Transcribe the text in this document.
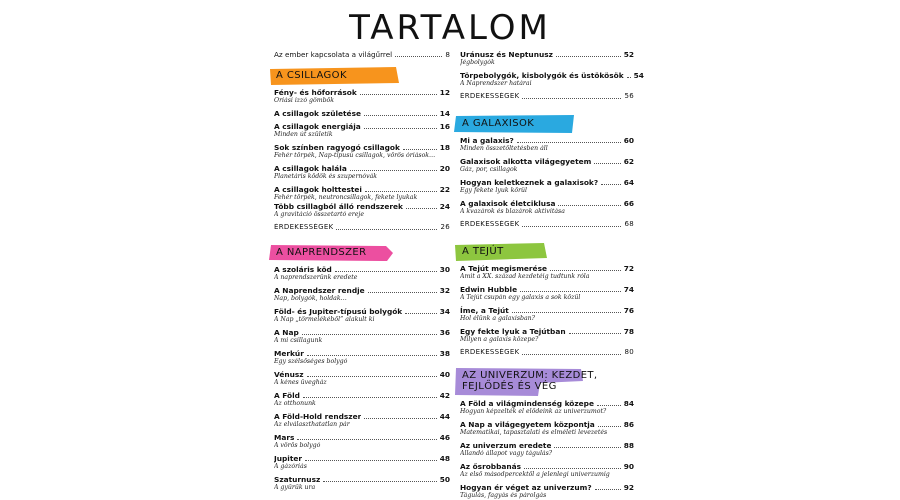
TARTALOM
Az ember kapcsolata a világűrrel	8
A CSILLAGOK
Fény- és hőforrások	12
Óriási izzó gömbök
A csillagok születése	14
A csillagok energiája	16
Minden út születik
Sok színben ragyogó csillagok	18
Fehér törpék, Nap-típusú csillagok, vörös óriások…
A csillagok halála	20
Planetáris ködök és szupernóvák
A csillagok holttestei	22
Fehér törpék, neutroncsillagok, fekete lyukak
Több csillagból álló rendszerek	24
A gravitáció összetartó ereje
ÉRDEKESSÉGEK	26
A NAPRENDSZER
A szoláris köd	30
A naprendszerünk eredete
A Naprendszer rendje	32
Nap, bolygók, holdak…
Föld- és Jupiter-típusú bolygók	34
A Nap „törmelékéből” alakult ki
A Nap	36
A mi csillagunk
Merkúr	38
Egy szélsőséges bolygó
Vénusz	40
A kénes üvegház
A Föld	42
Az otthonunk
A Föld-Hold rendszer	44
Az elválaszthatatlan pár
Mars	46
A vörös bolygó
Jupiter	48
A gázóriás
Szaturnusz	50
A gyűrűk ura
Uránusz és Neptunusz	52
Jégbolygók
Törpebolygók, kisbolygók és üstökösök 54
A Naprendszer határai
ÉRDEKESSÉGEK	56
A GALAXISOK
Mi a galaxis?	60
Minden összetöltetésben áll
Galaxisok alkotta világegyetem	62
Gáz, por, csillagok
Hogyan keletkeznek a galaxisok?	64
Egy fekete lyuk körül
A galaxisok életciklusa	66
A kvazárok és blazárok aktivitása
ÉRDEKESSÉGEK	68
A TEJÚT
A Tejút megismerése	72
Amit a XX. század kezdetéig tudtunk róla
Edwin Hubble	74
A Tejút csupán egy galaxis a sok közül
Íme, a Tejút	76
Hol élünk a galaxisban?
Egy fekte lyuk a Tejútban	78
Milyen a galaxis közepe?
ÉRDEKESSÉGEK	80
AZ UNIVERZUM: KEZDET,
FEJLŐDÉS ÉS VÉG
A Föld a világmindenség közepe	84
Hogyan képzelték el elődeink az univerzumot?
A Nap a világegyetem központja	86
Matematikai, tapasztalati és elméleti levezetés
Az univerzum eredete	88
Állandó állapot vagy tágulás?
Az ősrobbanás	90
Az első másodpercektől a jelenlegi univerzumig
Hogyan ér véget az univerzum?	92
Tágulás, fagyás és párolgás
